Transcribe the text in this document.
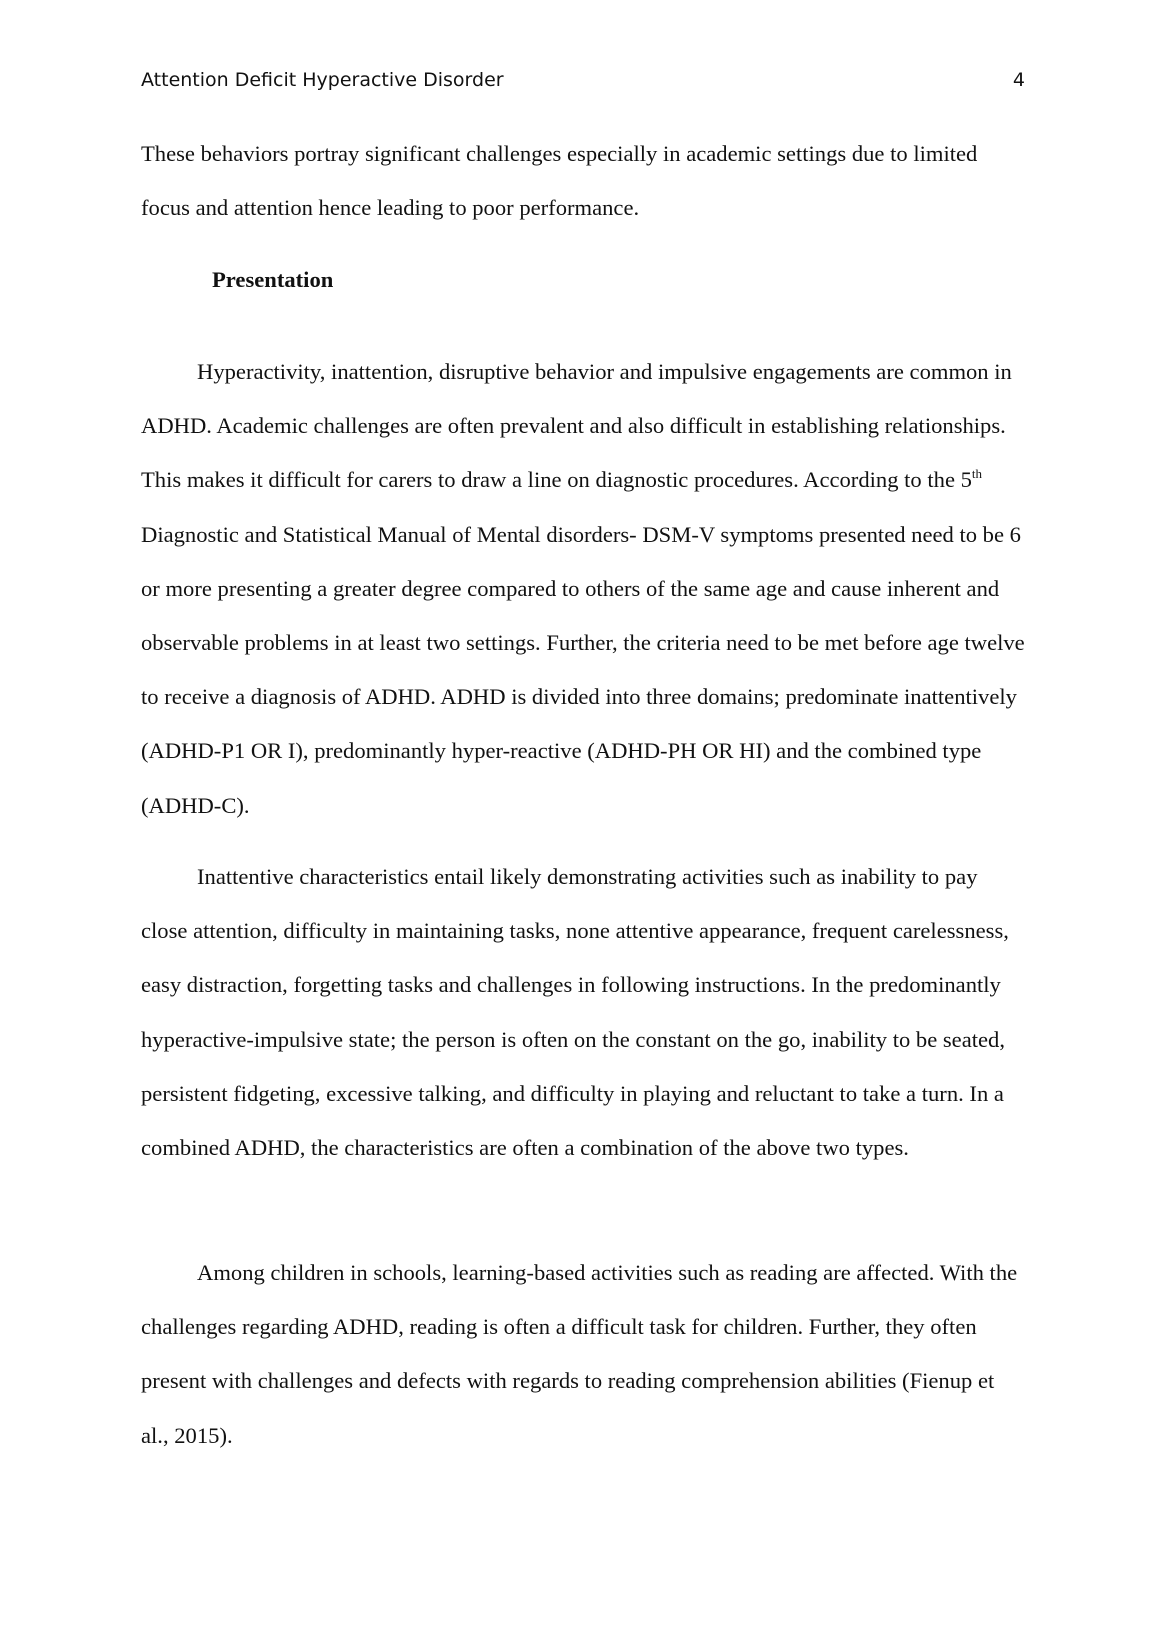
Attention Deficit Hyperactive Disorder	4

These behaviors portray significant challenges especially in academic settings due to limited focus and attention hence leading to poor performance.

Presentation

Hyperactivity, inattention, disruptive behavior and impulsive engagements are common in ADHD. Academic challenges are often prevalent and also difficult in establishing relationships. This makes it difficult for carers to draw a line on diagnostic procedures. According to the 5th Diagnostic and Statistical Manual of Mental disorders- DSM-V symptoms presented need to be 6 or more presenting a greater degree compared to others of the same age and cause inherent and observable problems in at least two settings. Further, the criteria need to be met before age twelve to receive a diagnosis of ADHD. ADHD is divided into three domains; predominate inattentively (ADHD-P1 OR I), predominantly hyper-reactive (ADHD-PH OR HI) and the combined type (ADHD-C).

Inattentive characteristics entail likely demonstrating activities such as inability to pay close attention, difficulty in maintaining tasks, none attentive appearance, frequent carelessness, easy distraction, forgetting tasks and challenges in following instructions. In the predominantly hyperactive-impulsive state; the person is often on the constant on the go, inability to be seated, persistent fidgeting, excessive talking, and difficulty in playing and reluctant to take a turn. In a combined ADHD, the characteristics are often a combination of the above two types.

Among children in schools, learning-based activities such as reading are affected. With the challenges regarding ADHD, reading is often a difficult task for children. Further, they often present with challenges and defects with regards to reading comprehension abilities (Fienup et al., 2015).
